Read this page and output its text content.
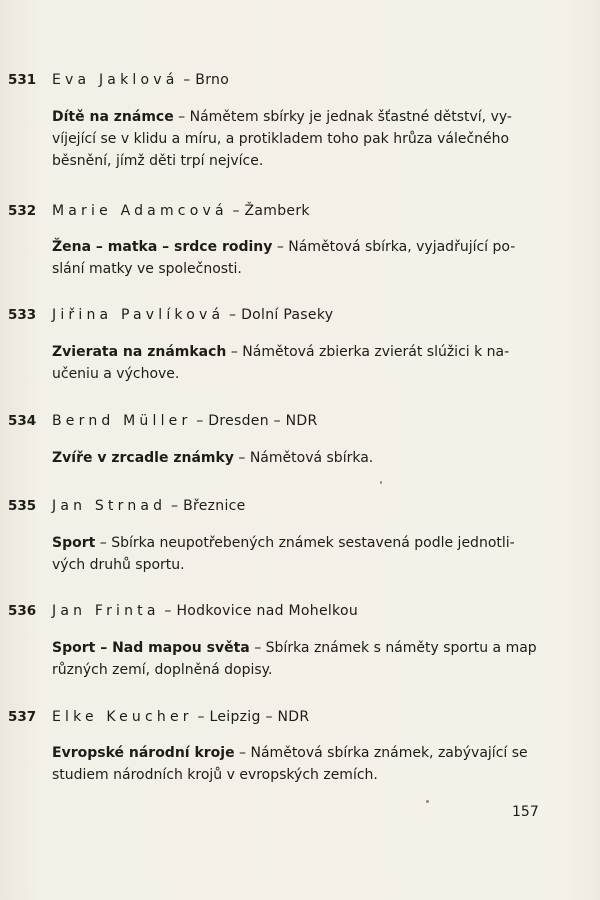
531 Eva Jaklová – Brno
Dítě na známce – Námětem sbírky je jednak šťastné dětství, vy-
víjející se v klidu a míru, a protikladem toho pak hrůza válečného
běsnění, jímž děti trpí nejvíce.
532 Marie Adamcová – Žamberk
Žena – matka – srdce rodiny – Námětová sbírka, vyjadřující po-
slání matky ve společnosti.
533 Jiřina Pavlíková – Dolní Paseky
Zvierata na známkach – Námětová zbierka zvierát slúžici k na-
učeniu a výchove.
534 Bernd Müller – Dresden – NDR
Zvíře v zrcadle známky – Námětová sbírka.
535 Jan Strnad – Březnice
Sport – Sbírka neupotřebených známek sestavená podle jednotli-
vých druhů sportu.
536 Jan Frinta – Hodkovice nad Mohelkou
Sport – Nad mapou světa – Sbírka známek s náměty sportu a map
různých zemí, doplněná dopisy.
537 Elke Keucher – Leipzig – NDR
Evropské národní kroje – Námětová sbírka známek, zabývající se
studiem národních krojů v evropských zemích.
157
